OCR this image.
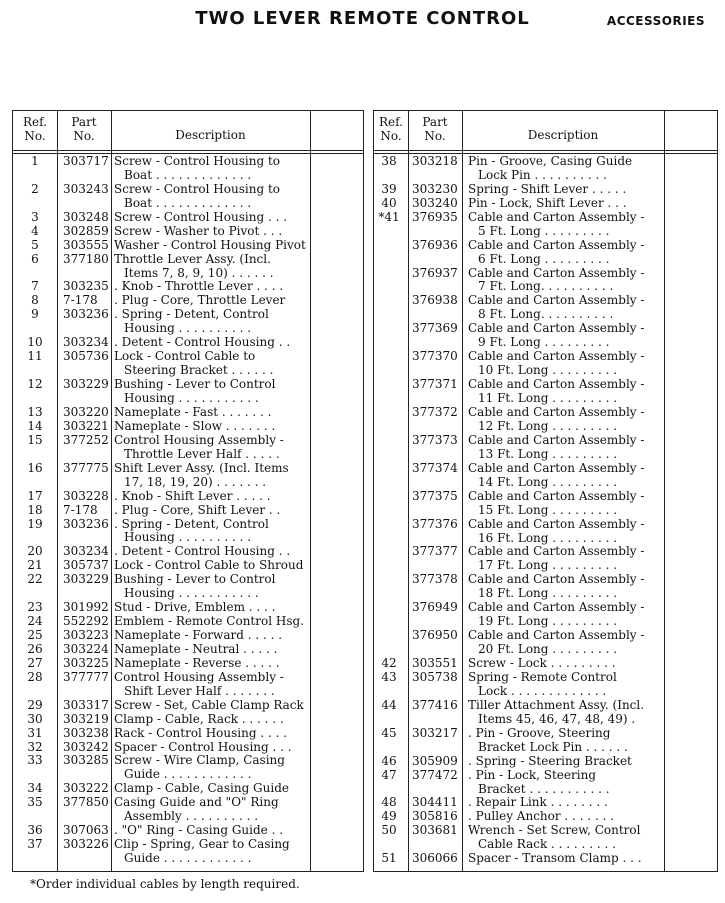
TWO LEVER REMOTE CONTROL	ACCESSORIES
Ref.
No.
Part
No.	Description
1	303717 Screw - Control Housing to
Boat . . . . . . . . . . . . .
2	303243 Screw - Control Housing to
Boat . . . . . . . . . . . . .
3	303248 Screw - Control Housing . . .
4	302859 Screw - Washer to Pivot . . .
5	303555 Washer - Control Housing Pivot
6	377180 Throttle Lever Assy. (Incl.
Items 7, 8, 9, 10) . . . . . .
7	303235 . Knob - Throttle Lever . . . .
8	7-178	. Plug - Core, Throttle Lever
9	303236 . Spring - Detent, Control
Housing . . . . . . . . . .
10	303234 . Detent - Control Housing . .
11	305736 Lock - Control Cable to
Steering Bracket . . . . . .
12	303229 Bushing - Lever to Control
Housing . . . . . . . . . . .
13	303220 Nameplate - Fast . . . . . . .
14	303221 Nameplate - Slow . . . . . . .
15	377252 Control Housing Assembly -
Throttle Lever Half . . . . .
16	377775 Shift Lever Assy. (Incl. Items
17, 18, 19, 20) . . . . . . .
17	303228 . Knob - Shift Lever . . . . .
18	7-178	. Plug - Core, Shift Lever . .
19	303236 . Spring - Detent, Control
Housing . . . . . . . . . .
20	303234 . Detent - Control Housing . .
21	305737 Lock - Control Cable to Shroud
22	303229 Bushing - Lever to Control
Housing . . . . . . . . . . .
23	301992 Stud - Drive, Emblem . . . .
24	552292 Emblem - Remote Control Hsg.
25	303223 Nameplate - Forward . . . . .
26	303224 Nameplate - Neutral . . . . .
27	303225 Nameplate - Reverse . . . . .
28	377777 Control Housing Assembly -
Shift Lever Half . . . . . . .
29	303317 Screw - Set, Cable Clamp Rack
30	303219 Clamp - Cable, Rack . . . . . .
31	303238 Rack - Control Housing . . . .
32	303242 Spacer - Control Housing . . .
33	303285 Screw - Wire Clamp, Casing
Guide . . . . . . . . . . . .
34	303222 Clamp - Cable, Casing Guide
35	377850 Casing Guide and "O" Ring
Assembly . . . . . . . . . .
36	307063 . "O" Ring - Casing Guide . .
37	303226 Clip - Spring, Gear to Casing
Guide . . . . . . . . . . . .
Ref.
No.
Part
No.	Description
38	303218 Pin - Groove, Casing Guide
Lock Pin . . . . . . . . . .
39	303230 Spring - Shift Lever . . . . .
40	303240 Pin - Lock, Shift Lever . . .
*41	376935 Cable and Carton Assembly -
5 Ft. Long . . . . . . . . .
376936 Cable and Carton Assembly -
6 Ft. Long . . . . . . . . .
376937 Cable and Carton Assembly -
7 Ft. Long. . . . . . . . . .
376938 Cable and Carton Assembly -
8 Ft. Long. . . . . . . . . .
377369 Cable and Carton Assembly -
9 Ft. Long . . . . . . . . .
377370 Cable and Carton Assembly -
10 Ft. Long . . . . . . . . .
377371 Cable and Carton Assembly -
11 Ft. Long . . . . . . . . .
377372 Cable and Carton Assembly -
12 Ft. Long . . . . . . . . .
377373 Cable and Carton Assembly -
13 Ft. Long . . . . . . . . .
377374 Cable and Carton Assembly -
14 Ft. Long . . . . . . . . .
377375 Cable and Carton Assembly -
15 Ft. Long . . . . . . . . .
377376 Cable and Carton Assembly -
16 Ft. Long . . . . . . . . .
377377 Cable and Carton Assembly -
17 Ft. Long . . . . . . . . .
377378 Cable and Carton Assembly -
18 Ft. Long . . . . . . . . .
376949 Cable and Carton Assembly -
19 Ft. Long . . . . . . . . .
376950 Cable and Carton Assembly -
20 Ft. Long . . . . . . . . .
42	303551 Screw - Lock . . . . . . . . .
43	305738 Spring - Remote Control
Lock . . . . . . . . . . . . .
44	377416 Tiller Attachment Assy. (Incl.
Items 45, 46, 47, 48, 49) .
45	303217 . Pin - Groove, Steering
Bracket Lock Pin . . . . . .
46	305909 . Spring - Steering Bracket
47	377472 . Pin - Lock, Steering
Bracket . . . . . . . . . . .
48	304411 . Repair Link . . . . . . . .
49	305816 . Pulley Anchor . . . . . . .
50	303681 Wrench - Set Screw, Control
Cable Rack . . . . . . . . .
51	306066 Spacer - Transom Clamp . . .
*Order individual cables by length required.
